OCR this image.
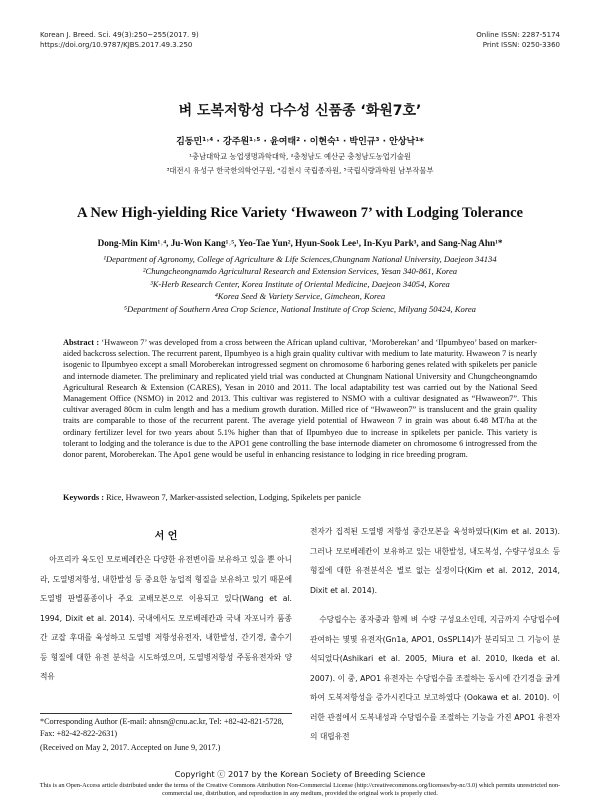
Korean J. Breed. Sci. 49(3):250~255(2017. 9)
https://doi.org/10.9787/KJBS.2017.49.3.250
Online ISSN: 2287-5174
Print ISSN: 0250-3360
벼 도복저항성 다수성 신품종 ‘화원7호’
김동민¹˒⁴ · 강주원¹˒⁵ · 윤여태² · 이현숙¹ · 박인규³ · 안상낙¹*
¹충남대학교 농업생명과학대학, ²충청남도 예산군 충청남도농업기술원
³대전시 유성구 한국한의학연구원, ⁴김천시 국립종자원, ⁵국립식량과학원 남부작물부
A New High-yielding Rice Variety ‘Hwaweon 7’ with Lodging Tolerance
Dong-Min Kim¹˒⁴, Ju-Won Kang¹˒⁵, Yeo-Tae Yun², Hyun-Sook Lee¹, In-Kyu Park³, and Sang-Nag Ahn¹*
¹Department of Agronomy, College of Agriculture & Life Sciences,Chungnam National University, Daejeon 34134
²Chungcheongnamdo Agricultural Research and Extension Services, Yesan 340-861, Korea
³K-Herb Research Center, Korea Institute of Oriental Medicine, Daejeon 34054, Korea
⁴Korea Seed & Variety Service, Gimcheon, Korea
⁵Department of Southern Area Crop Science, National Institute of Crop Scienc, Milyang 50424, Korea
Abstract : ‘Hwaweon 7’ was developed from a cross between the African upland cultivar, ‘Moroberekan’ and ‘Ilpumbyeo’ based on marker-aided backcross selection. The recurrent parent, Ilpumbyeo is a high grain quality cultivar with medium to late maturity. Hwaweon 7 is nearly isogenic to Ilpumbyeo except a small Moroberekan introgressed segment on chromosome 6 harboring genes related with spikelets per panicle and internode diameter. The preliminary and replicated yield trial was conducted at Chungnam National University and Chungcheongnamdo Agricultural Research & Extension (CARES), Yesan in 2010 and 2011. The local adaptability test was carried out by the National Seed Management Office (NSMO) in 2012 and 2013. This cultivar was registered to NSMO with a cultivar designated as “Hwaweon7”. This cultivar averaged 80cm in culm length and has a medium growth duration. Milled rice of “Hwaweon7” is translucent and the grain quality traits are comparable to those of the recurrent parent. The average yield potential of Hwaweon 7 in grain was about 6.48 MT/ha at the ordinary fertilizer level for two years about 5.1% higher than that of Ilpumbyeo due to increase in spikelets per panicle. This variety is tolerant to lodging and the tolerance is due to the APO1 gene controlling the base internode diameter on chromosome 6 introgressed from the donor parent, Moroberekan. The Apo1 gene would be useful in enhancing resistance to lodging in rice breeding program.
Keywords : Rice, Hwaweon 7, Marker-assisted selection, Lodging, Spikelets per panicle
서 언

아프리카 육도인 모로베레칸은 다양한 유전변이를 보유하고 있을 뿐 아니라, 도열병저항성, 내한발성 등 중요한 농업적 형질을 보유하고 있기 때문에 도열병 판별품종이나 주요 교배모본으로 이용되고 있다(Wang et al. 1994, Dixit et al. 2014). 국내에서도 모로베레칸과 국내 자포니카 품종간 교잡 후대를 육성하고 도열병 저항성유전자, 내한발성, 간기경, 출수기 등 형질에 대한 유전 분석을 시도하였으며, 도열병저항성 주동유전자와 양적유

*Corresponding Author (E-mail: ahnsn@cnu.ac.kr, Tel: +82-42-821-5728, Fax: +82-42-822-2631)
(Received on May 2, 2017. Accepted on June 9, 2017.)

전자가 집적된 도열병 저항성 중간모본을 육성하였다(Kim et al. 2013). 그러나 모로베레칸이 보유하고 있는 내한발성, 내도복성, 수량구성요소 등 형질에 대한 유전분석은 별로 없는 실정이다(Kim et al. 2012, 2014, Dixit et al. 2014).

수당립수는 종자중과 함께 벼 수량 구성요소인데, 지금까지 수당립수에 관여하는 몇몇 유전자(Gn1a, APO1, OsSPL14)가 분리되고 그 기능이 분석되었다(Ashikari et al. 2005, Miura et al. 2010, Ikeda et al. 2007). 이 중, APO1 유전자는 수당립수를 조절하는 동시에 간기경을 굵게 하여 도복저항성을 증가시킨다고 보고하였다 (Ookawa et al. 2010). 이러한 관점에서 도복내성과 수당립수를 조절하는 기능을 가진 APO1 유전자의 대립유전

Copyright ⓒ 2017 by the Korean Society of Breeding Science
This is an Open-Access article distributed under the terms of the Creative Commons Attribution Non-Commercial License (http://creativecommons.org/licenses/by-nc/3.0) which permits unrestricted non-commercial use, distribution, and reproduction in any medium, provided the original work is properly cited.
